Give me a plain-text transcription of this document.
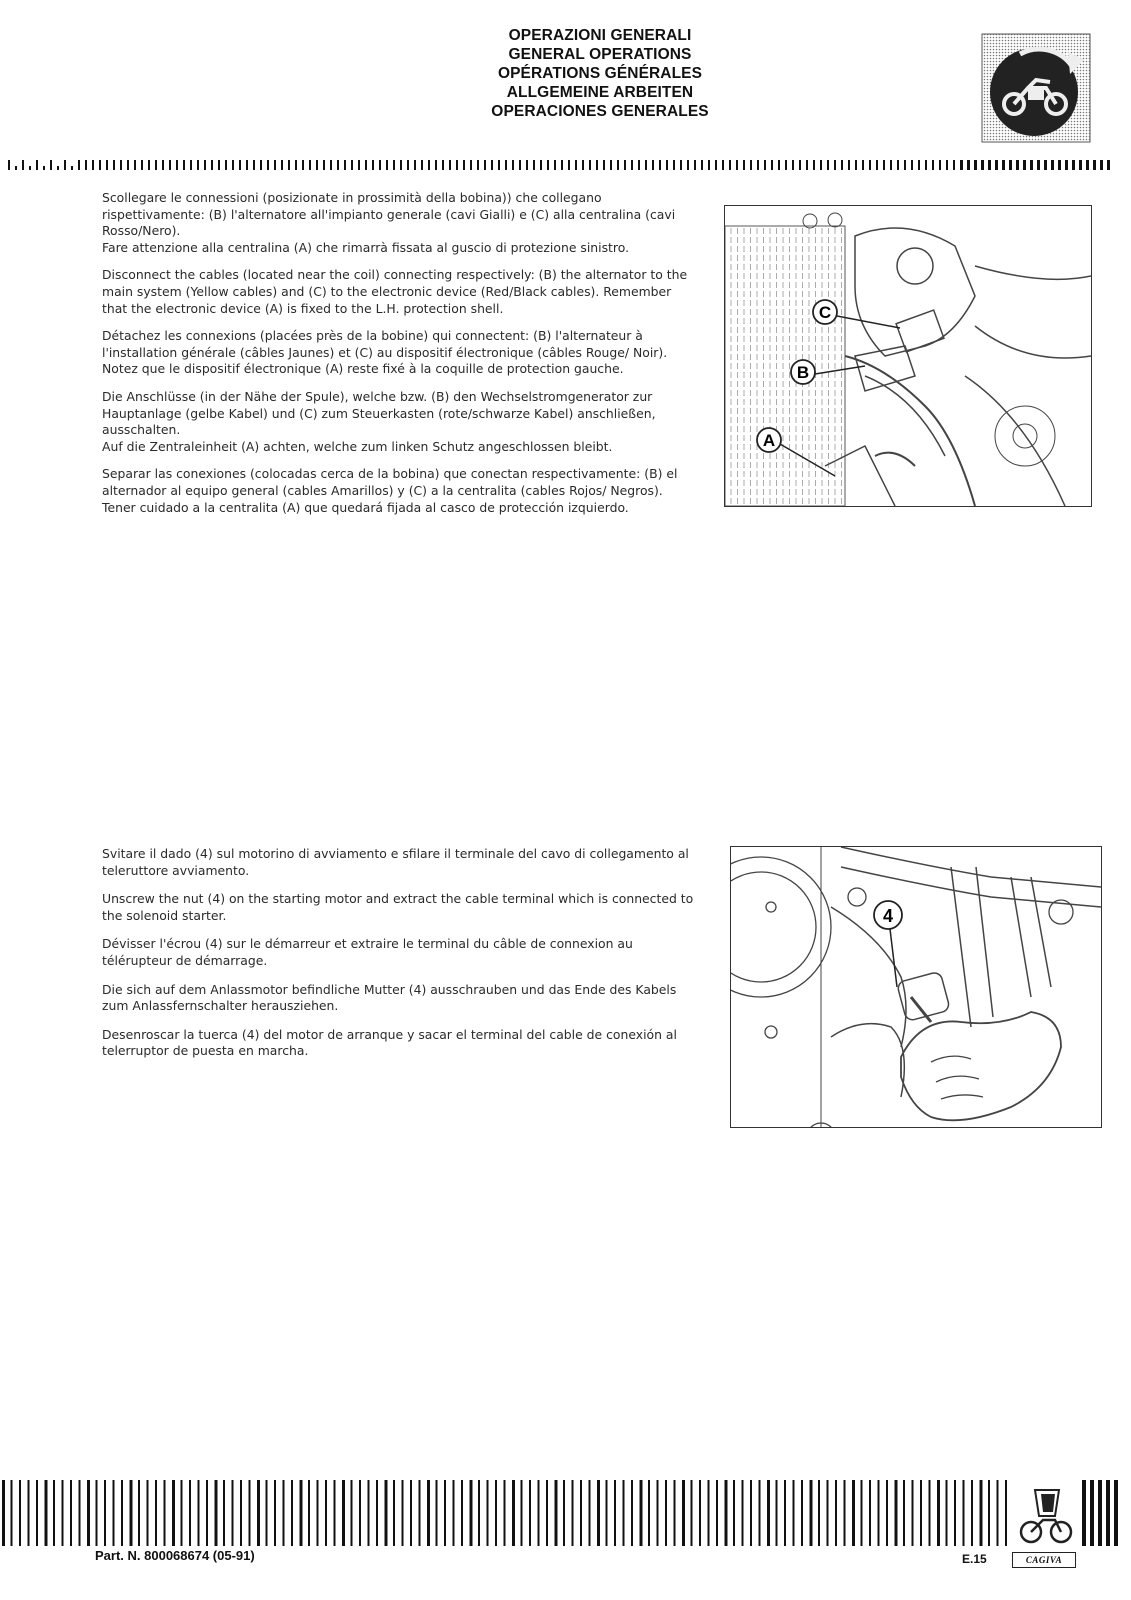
OPERAZIONI GENERALI
GENERAL OPERATIONS
OPÉRATIONS GÉNÉRALES
ALLGEMEINE ARBEITEN
OPERACIONES GENERALES

Scollegare le connessioni (posizionate in prossimità della bobina)) che collegano rispettivamente: (B) l'alternatore all'impianto generale (cavi Gialli) e (C) alla centralina (cavi Rosso/Nero).
Fare attenzione alla centralina (A) che rimarrà fissata al guscio di protezione sinistro.

Disconnect the cables (located near the coil) connecting respectively: (B) the alternator to the main system (Yellow cables) and (C) to the electronic device (Red/Black cables). Remember that the electronic device (A) is fixed to the L.H. protection shell.

Détachez les connexions (placées près de la bobine) qui connectent: (B) l'alternateur à l'installation générale (câbles Jaunes) et (C) au dispositif électronique (câbles Rouge/ Noir).
Notez que le dispositif électronique (A) reste fixé à la coquille de protection gauche.

Die Anschlüsse (in der Nähe der Spule), welche bzw. (B) den Wechselstromgenerator zur Hauptanlage (gelbe Kabel) und (C) zum Steuerkasten (rote/schwarze Kabel) anschließen, ausschalten.
Auf die Zentraleinheit (A) achten, welche zum linken Schutz angeschlossen bleibt.

Separar las conexiones (colocadas cerca de la bobina) que conectan respectivamente: (B) el alternador al equipo general (cables Amarillos) y (C) a la centralita (cables Rojos/ Negros).
Tener cuidado a la centralita (A) que quedará fijada al casco de protección izquierdo.

C
B
A

Svitare il dado (4) sul motorino di avviamento e sfilare il terminale del cavo di collegamento al teleruttore avviamento.

Unscrew the nut (4) on the starting motor and extract the cable terminal which is connected to the solenoid starter.

Dévisser l'écrou (4) sur le démarreur et extraire le terminal du câble de connexion au télérupteur de démarrage.

Die sich auf dem Anlassmotor befindliche Mutter (4) ausschrauben und das Ende des Kabels zum Anlassfernschalter herausziehen.

Desenroscar la tuerca (4) del motor de arranque y sacar el terminal del cable de conexión al telerruptor de puesta en marcha.

4
Part. N. 800068674 (05-91)	E.15	CAGIVA
